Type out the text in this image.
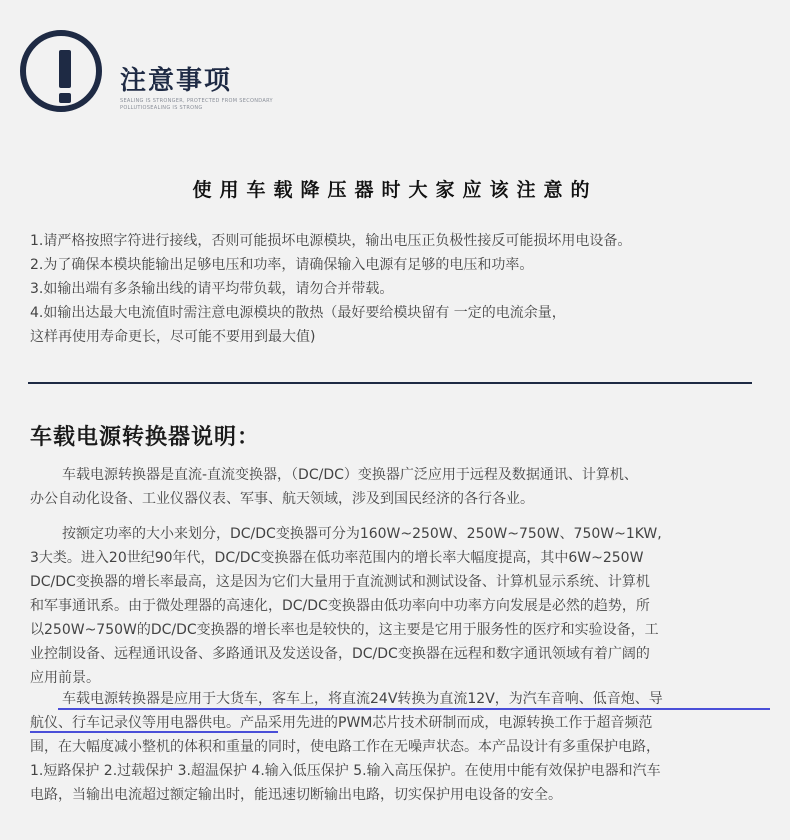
注意事项
SEALING IS STRONGER, PROTECTED FROM SECONDARY POLLUTIOSEALING IS STRONG
使用车载降压器时大家应该注意的
1.请严格按照字符进行接线，否则可能损坏电源模块，输出电压正负极性接反可能损坏用电设备。
2.为了确保本模块能输出足够电压和功率，请确保输入电源有足够的电压和功率。
3.如输出端有多条输出线的请平均带负载，请勿合并带载。
4.如输出达最大电流值时需注意电源模块的散热（最好要给模块留有 一定的电流余量，
这样再使用寿命更长，尽可能不要用到最大值)
车载电源转换器说明：
车载电源转换器是直流-直流变换器，（DC/DC）变换器广泛应用于远程及数据通讯、计算机、
办公自动化设备、工业仪器仪表、军事、航天领域，涉及到国民经济的各行各业。
按额定功率的大小来划分，DC/DC变换器可分为160W~250W、250W~750W、750W~1KW,
3大类。进入20世纪90年代，DC/DC变换器在低功率范围内的增长率大幅度提高，其中6W~250W
DC/DC变换器的增长率最高，这是因为它们大量用于直流测试和测试设备、计算机显示系统、计算机
和军事通讯系。由于微处理器的高速化，DC/DC变换器由低功率向中功率方向发展是必然的趋势，所
以250W~750W的DC/DC变换器的增长率也是较快的，这主要是它用于服务性的医疗和实验设备，工
业控制设备、远程通讯设备、多路通讯及发送设备，DC/DC变换器在远程和数字通讯领域有着广阔的
应用前景。
车载电源转换器是应用于大货车，客车上，将直流24V转换为直流12V，为汽车音响、低音炮、导
航仪、行车记录仪等用电器供电。产品采用先进的PWM芯片技术研制而成，电源转换工作于超音频范
围，在大幅度减小整机的体积和重量的同时，使电路工作在无噪声状态。本产品设计有多重保护电路，
1.短路保护 2.过载保护 3.超温保护 4.输入低压保护 5.输入高压保护。在使用中能有效保护电器和汽车
电路，当输出电流超过额定输出时，能迅速切断输出电路，切实保护用电设备的安全。
